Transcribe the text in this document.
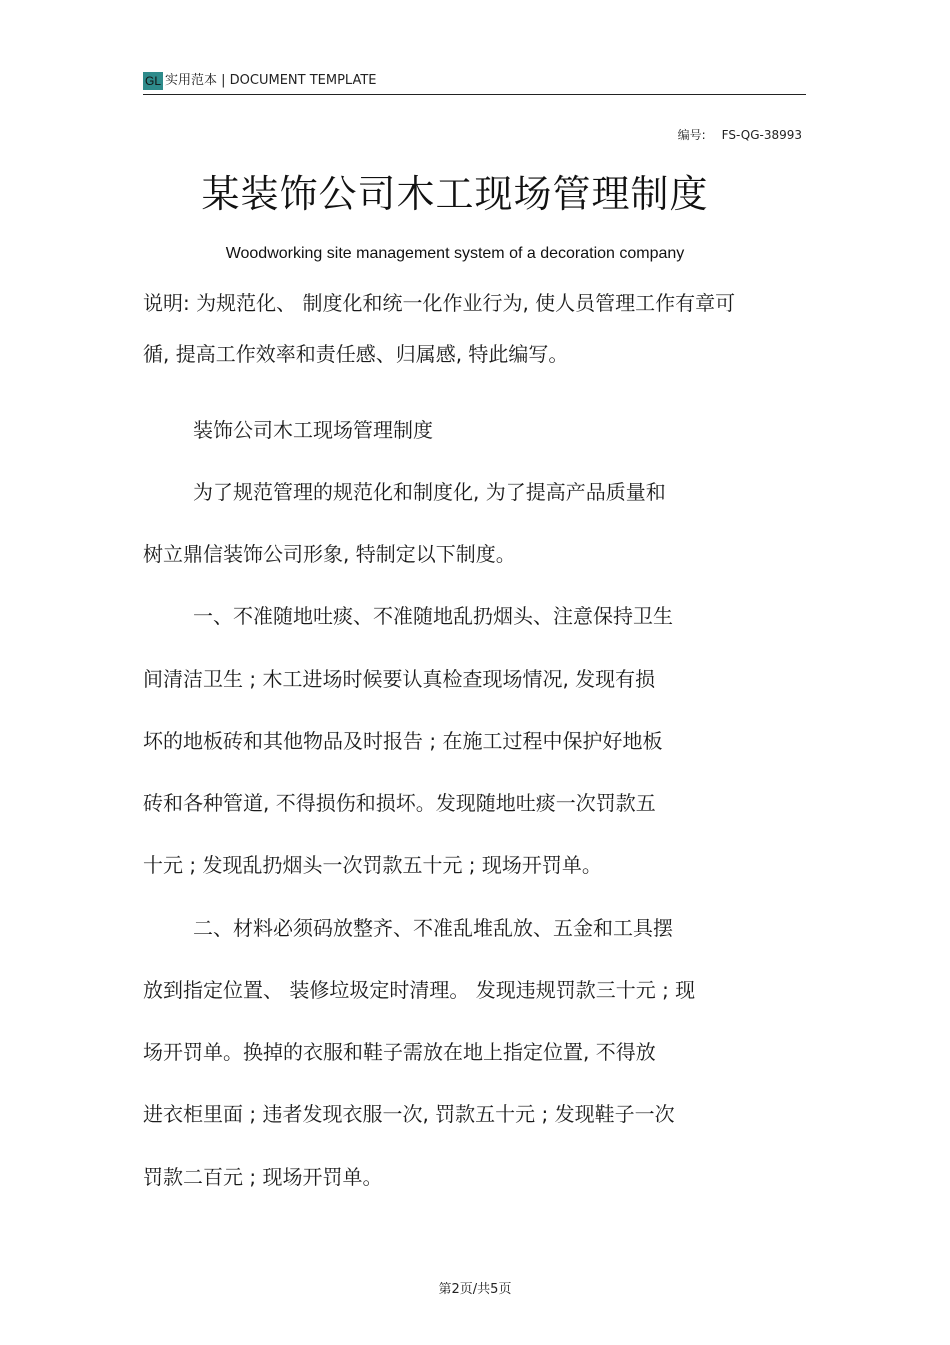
GL 实用范本 | DOCUMENT TEMPLATE
编号: FS-QG-38993
某装饰公司木工现场管理制度
Woodworking site management system of a decoration company
说明: 为规范化、 制度化和统一化作业行为, 使人员管理工作有章可
循, 提高工作效率和责任感、归属感, 特此编写。
装饰公司木工现场管理制度
为了规范管理的规范化和制度化, 为了提高产品质量和
树立鼎信装饰公司形象, 特制定以下制度。
一、不准随地吐痰、不准随地乱扔烟头、注意保持卫生
间清洁卫生 ; 木工进场时候要认真检查现场情况, 发现有损
坏的地板砖和其他物品及时报告 ; 在施工过程中保护好地板
砖和各种管道, 不得损伤和损坏。发现随地吐痰一次罚款五
十元 ; 发现乱扔烟头一次罚款五十元 ; 现场开罚单。
二、材料必须码放整齐、不准乱堆乱放、五金和工具摆
放到指定位置、 装修垃圾定时清理。 发现违规罚款三十元 ; 现
场开罚单。换掉的衣服和鞋子需放在地上指定位置, 不得放
进衣柜里面 ; 违者发现衣服一次, 罚款五十元 ; 发现鞋子一次
罚款二百元 ; 现场开罚单。
第2页/共5页
